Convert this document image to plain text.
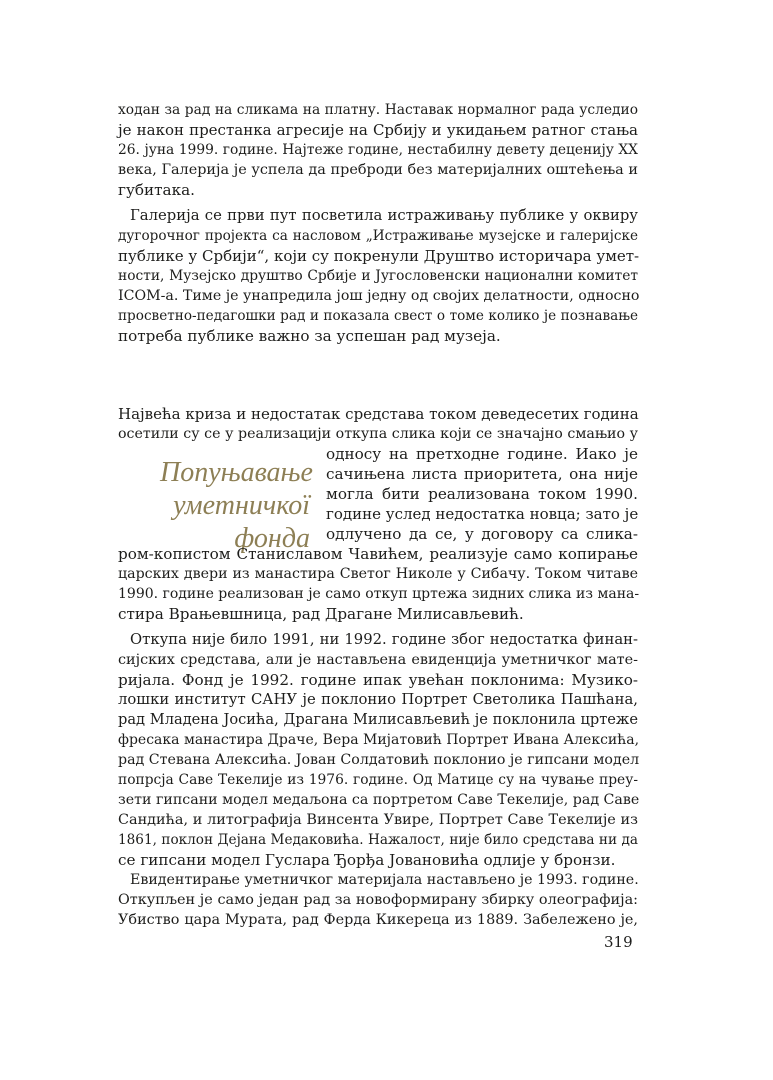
ходан за рад на сликама на платну. Наставак нормалног рада уследио
је након престанка агресије на Србију и укидањем ратног стања
26. јуна 1999. године. Најтеже године, нестабилну девету деценију XX
века, Галерија је успела да преброди без материјалних оштећења и
губитака.
Галерија се први пут посветила истраживању публике у оквиру
дугорочног пројекта са насловом „Истраживање музејске и галеријске
публике у Србији“, који су покренули Друштво историчара умет-
ности, Музејско друштво Србије и Југословенски национални комитет
ICOM-a. Тиме је унапредила још једну од својих делатности, односно
просветно-педагошки рад и показала свест о томе колико је познавање
потреба публике важно за успешан рад музеја.
Највећа криза и недостатак средстава током деведесетих година
осетили су се у реализацији откупа слика који се значајно смањио у
Попуњавање
уметничкої фонда
односу на претходне године. Иако је
сачињена листа приоритета, она није
могла бити реализована током 1990.
године услед недостатка новца; зато је
одлучено да се, у договору са слика-
ром-копистом Станиславом Чавићем, реализује само копирање
царских двери из манастира Светог Николе у Сибачу. Током читаве
1990. године реализован је само откуп цртежа зидних слика из мана-
стира Врањевшница, рад Драгане Милисављевић.
Откупа није било 1991, ни 1992. године због недостатка финан-
сијских средстава, али је настављена евиденција уметничког мате-
ријала. Фонд је 1992. године ипак увећан поклонима: Музико-
лошки институт САНУ је поклонио Портрет Светолика Пашћана,
рад Младена Јосића, Драгана Милисављевић је поклонила цртеже
фресака манастира Драче, Вера Мијатовић Портрет Ивана Алексића,
рад Стевана Алексића. Јован Солдатовић поклонио је гипсани модел
попрсја Саве Текелије из 1976. године. Од Матице су на чување преу-
зети гипсани модел медаљона са портретом Саве Текелије, рад Саве
Сандића, и литографија Винсента Увире, Портрет Саве Текелије из
1861, поклон Дејана Медаковића. Нажалост, није било средстава ни да
се гипсани модел Гуслара Ђорђа Јовановића одлије у бронзи.
Евидентирање уметничког материјала настављено је 1993. године.
Откупљен је само један рад за новоформирану збирку олеографија:
Убиство цара Мурата, рад Ферда Кикереца из 1889. Забележено је,
319
